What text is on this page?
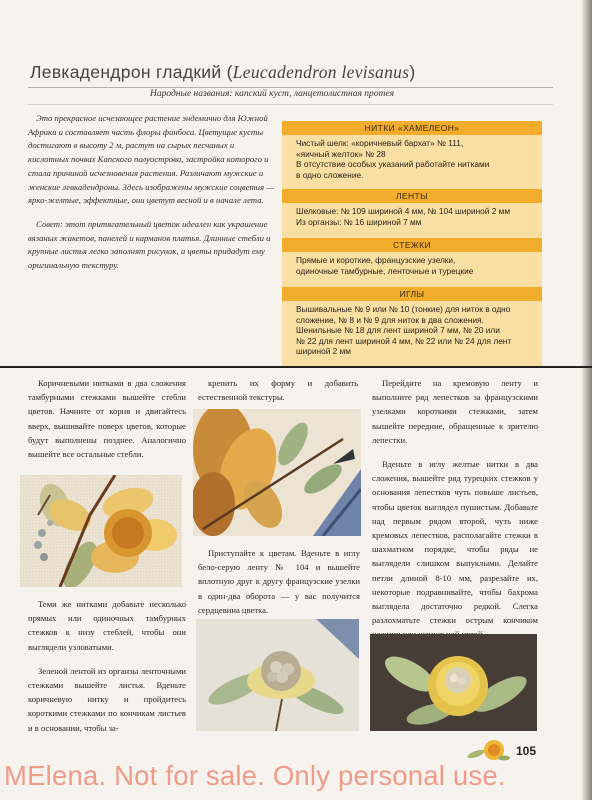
Левкадендрон гладкий (Leucadendron levisanus)
Народные названия: капский куст, ланцетолистная протея

Это прекрасное исчезающее растение эндемично для Южной Африки и составляет часть флоры финбоса. Цветущие кусты достигают в высоту 2 м, растут на сырых песчаных и кислотных почвах Капского полуострова, застройка которого и стала причиной исчезновения растения. Различают мужские и женские левкадендроны. Здесь изображены мужские соцветия — ярко-желтые, эффектные, они цветут весной и в начале лета.

Совет: этот притягательный цветок идеален как украшение вязаных жакетов, панелей и карманов платья. Длинные стебли и крупные листья легко заполнят рисунок, а цветы придадут ему оригинальную текстуру.

НИТКИ «ХАМЕЛЕОН»
Чистый шелк: «коричневый бархат» № 111,
«яичный желток» № 28
В отсутствие особых указаний работайте нитками
в одно сложение.
ЛЕНТЫ
Шелковые: № 109 шириной 4 мм, № 104 шириной 2 мм
Из органзы: № 16 шириной 7 мм
СТЕЖКИ
Прямые и короткие, французские узелки,
одиночные тамбурные, ленточные и турецкие
ИГЛЫ
Вышивальные № 9 или № 10 (тонкие) для ниток в одно
сложение, № 8 и № 9 для ниток в два сложения.
Шенильные № 18 для лент шириной 7 мм, № 20 или
№ 22 для лент шириной 4 мм, № 22 или № 24 для лент
шириной 2 мм

Коричневыми нитками в два сложения тамбурными стежками вышейте стебли цветов. Начните от корня и двигайтесь вверх, вышивайте поверх цветов, которые будут выполнены позднее. Аналогично вышейте все остальные стебли.

Теми же нитками добавьте несколько прямых или одиночных тамбурных стежков к низу стеблей, чтобы они выглядели узловатыми.

Зеленой лентой из органзы ленточными стежками вышейте листья. Вденьте коричневую нитку и пройдитесь короткими стежками по кончикам листьев и в основании, чтобы за-

крепить их форму и добавить естественной текстуры.

Приступайте к цветам. Вденьте в иглу бело-серую ленту № 104 и вышейте вплотную друг к другу французские узелки в один-два оборота — у вас получится сердцевина цветка.

Перейдите на кремовую ленту и выполните ряд лепестков за французскими узелками короткими стежками, затем вышейте передние, обращенные к зрителю лепестки.

Вденьте в иглу желтые нитки в два сложения, вышейте ряд турецких стежков у основания лепестков чуть повыше листьев, чтобы цветок выглядел пушистым. Добавьте над первым рядом второй, чуть ниже кремовых лепестков, располагайте стежки в шахматном порядке, чтобы ряды не выглядели слишком выпуклыми. Делайте петли длиной 8-10 мм, разрезайте их, некоторые подравнивайте, чтобы бахрома выглядела достаточно редкой. Слегка разлохматьте стежки острым кончиком

105
MElena. Not for sale. Only personal use.
